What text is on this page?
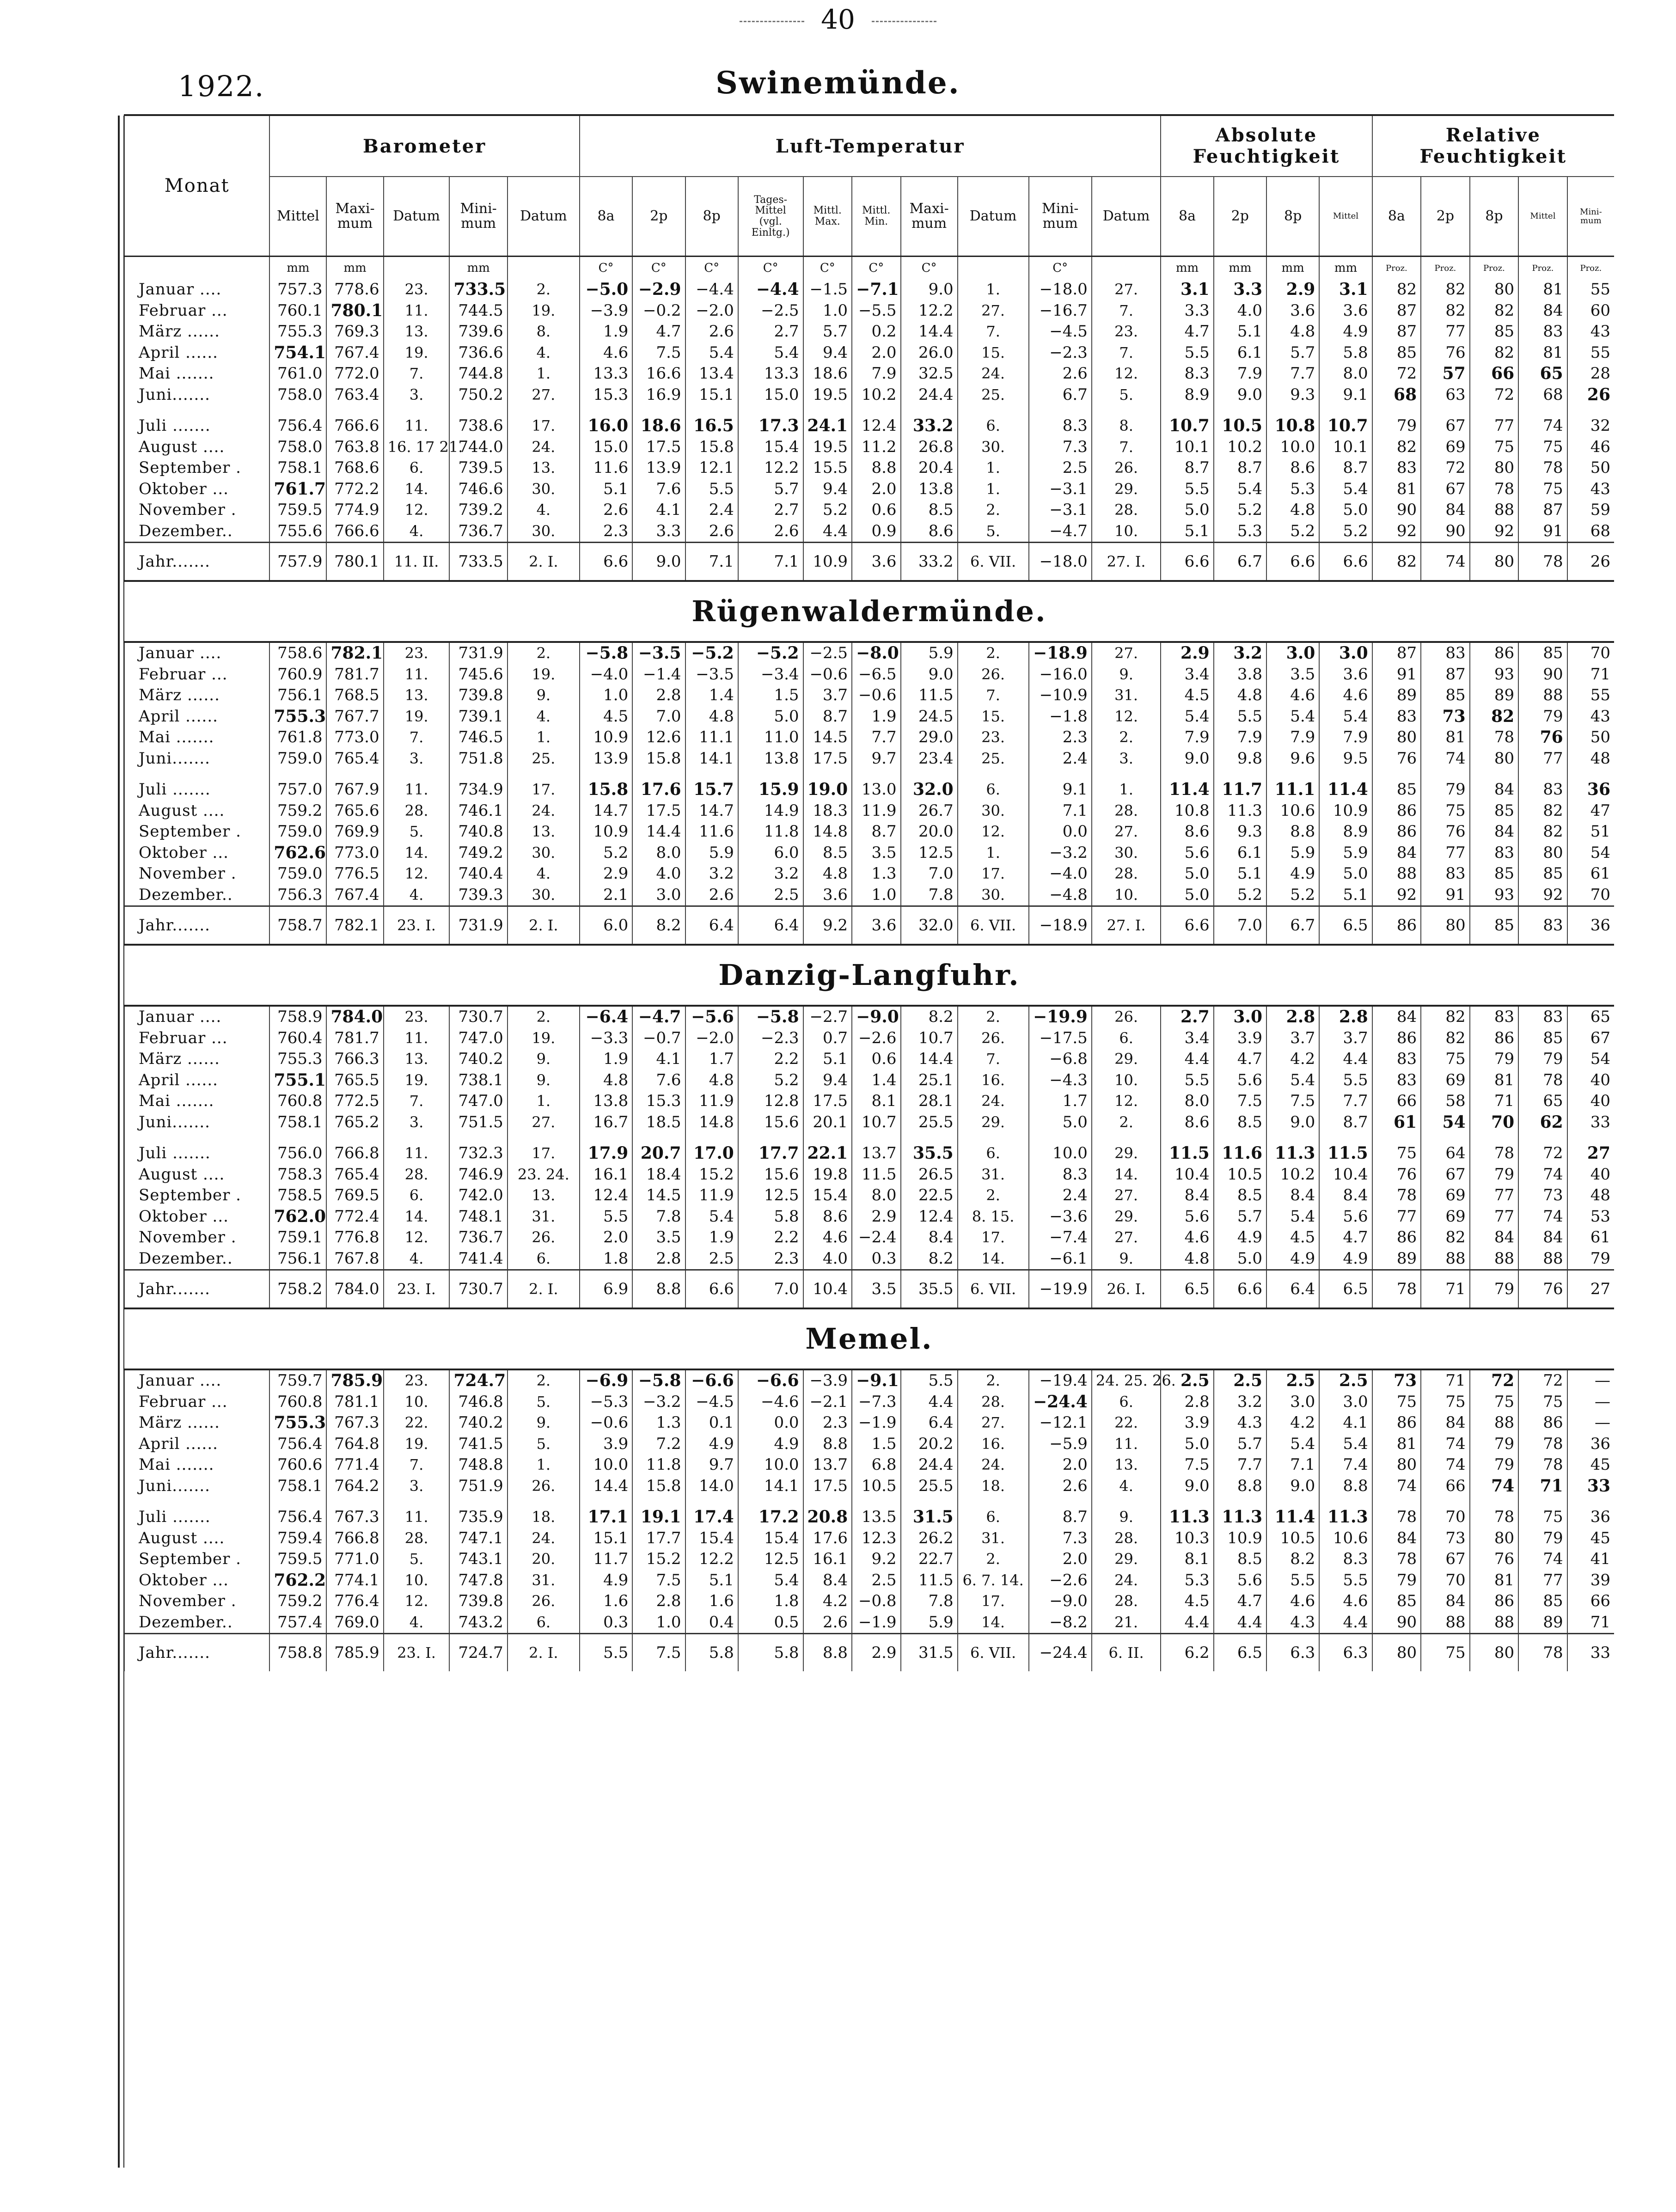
40
1922.	Swinemünde.
Monat	Barometer					Luft-Temperatur										Absolute Feuchtigkeit				Relative Feuchtigkeit				
	Mittel	Maxi-mum	Datum	Mini-mum	Datum	8a	2p	8p	Tages-Mittel (vgl. Einltg.)	Mittl. Max.	Mittl. Min.	Maxi-mum	Datum	Mini-mum	Datum	8a	2p	8p	Mittel	8a	2p	8p	Mittel	Mini-mum
	mm	mm		mm		C°	C°	C°	C°	C°	C°	C°		C°		mm	mm	mm	mm	Proz.	Proz.	Proz.	Proz.	Proz.
Januar ....	757.3	778.6	23.	733.5	2.	−5.0	−2.9	−4.4	−4.4	−1.5	−7.1	9.0	1.	−18.0	27.	3.1	3.3	2.9	3.1	82	82	80	81	55
Februar ...	760.1	780.1	11.	744.5	19.	−3.9	−0.2	−2.0	−2.5	1.0	−5.5	12.2	27.	−16.7	7.	3.3	4.0	3.6	3.6	87	82	82	84	60
März ......	755.3	769.3	13.	739.6	8.	1.9	4.7	2.6	2.7	5.7	0.2	14.4	7.	−4.5	23.	4.7	5.1	4.8	4.9	87	77	85	83	43
April ......	754.1	767.4	19.	736.6	4.	4.6	7.5	5.4	5.4	9.4	2.0	26.0	15.	−2.3	7.	5.5	6.1	5.7	5.8	85	76	82	81	55
Mai .......	761.0	772.0	7.	744.8	1.	13.3	16.6	13.4	13.3	18.6	7.9	32.5	24.	2.6	12.	8.3	7.9	7.7	8.0	72	57	66	65	28
Juni.......	758.0	763.4	3.	750.2	27.	15.3	16.9	15.1	15.0	19.5	10.2	24.4	25.	6.7	5.	8.9	9.0	9.3	9.1	68	63	72	68	26

Juli .......	756.4	766.6	11.	738.6	17.	16.0	18.6	16.5	17.3	24.1	12.4	33.2	6.	8.3	8.	10.7	10.5	10.8	10.7	79	67	77	74	32
August ....	758.0	763.8	16. 17 21.	744.0	24.	15.0	17.5	15.8	15.4	19.5	11.2	26.8	30.	7.3	7.	10.1	10.2	10.0	10.1	82	69	75	75	46
September .	758.1	768.6	6.	739.5	13.	11.6	13.9	12.1	12.2	15.5	8.8	20.4	1.	2.5	26.	8.7	8.7	8.6	8.7	83	72	80	78	50
Oktober ...	761.7	772.2	14.	746.6	30.	5.1	7.6	5.5	5.7	9.4	2.0	13.8	1.	−3.1	29.	5.5	5.4	5.3	5.4	81	67	78	75	43
November .	759.5	774.9	12.	739.2	4.	2.6	4.1	2.4	2.7	5.2	0.6	8.5	2.	−3.1	28.	5.0	5.2	4.8	5.0	90	84	88	87	59
Dezember..	755.6	766.6	4.	736.7	30.	2.3	3.3	2.6	2.6	4.4	0.9	8.6	5.	−4.7	10.	5.1	5.3	5.2	5.2	92	90	92	91	68
Jahr.......	757.9	780.1	11. II.	733.5	2. I.	6.6	9.0	7.1	7.1	10.9	3.6	33.2	6. VII.	−18.0	27. I.	6.6	6.7	6.6	6.6	82	74	80	78	26
Rügenwaldermünde.																								
Januar ....	758.6	782.1	23.	731.9	2.	−5.8	−3.5	−5.2	−5.2	−2.5	−8.0	5.9	2.	−18.9	27.	2.9	3.2	3.0	3.0	87	83	86	85	70
Februar ...	760.9	781.7	11.	745.6	19.	−4.0	−1.4	−3.5	−3.4	−0.6	−6.5	9.0	26.	−16.0	9.	3.4	3.8	3.5	3.6	91	87	93	90	71
März ......	756.1	768.5	13.	739.8	9.	1.0	2.8	1.4	1.5	3.7	−0.6	11.5	7.	−10.9	31.	4.5	4.8	4.6	4.6	89	85	89	88	55
April ......	755.3	767.7	19.	739.1	4.	4.5	7.0	4.8	5.0	8.7	1.9	24.5	15.	−1.8	12.	5.4	5.5	5.4	5.4	83	73	82	79	43
Mai .......	761.8	773.0	7.	746.5	1.	10.9	12.6	11.1	11.0	14.5	7.7	29.0	23.	2.3	2.	7.9	7.9	7.9	7.9	80	81	78	76	50
Juni.......	759.0	765.4	3.	751.8	25.	13.9	15.8	14.1	13.8	17.5	9.7	23.4	25.	2.4	3.	9.0	9.8	9.6	9.5	76	74	80	77	48

Juli .......	757.0	767.9	11.	734.9	17.	15.8	17.6	15.7	15.9	19.0	13.0	32.0	6.	9.1	1.	11.4	11.7	11.1	11.4	85	79	84	83	36
August ....	759.2	765.6	28.	746.1	24.	14.7	17.5	14.7	14.9	18.3	11.9	26.7	30.	7.1	28.	10.8	11.3	10.6	10.9	86	75	85	82	47
September .	759.0	769.9	5.	740.8	13.	10.9	14.4	11.6	11.8	14.8	8.7	20.0	12.	0.0	27.	8.6	9.3	8.8	8.9	86	76	84	82	51
Oktober ...	762.6	773.0	14.	749.2	30.	5.2	8.0	5.9	6.0	8.5	3.5	12.5	1.	−3.2	30.	5.6	6.1	5.9	5.9	84	77	83	80	54
November .	759.0	776.5	12.	740.4	4.	2.9	4.0	3.2	3.2	4.8	1.3	7.0	17.	−4.0	28.	5.0	5.1	4.9	5.0	88	83	85	85	61
Dezember..	756.3	767.4	4.	739.3	30.	2.1	3.0	2.6	2.5	3.6	1.0	7.8	30.	−4.8	10.	5.0	5.2	5.2	5.1	92	91	93	92	70
Jahr.......	758.7	782.1	23. I.	731.9	2. I.	6.0	8.2	6.4	6.4	9.2	3.6	32.0	6. VII.	−18.9	27. I.	6.6	7.0	6.7	6.5	86	80	85	83	36
Danzig-Langfuhr.																								
Januar ....	758.9	784.0	23.	730.7	2.	−6.4	−4.7	−5.6	−5.8	−2.7	−9.0	8.2	2.	−19.9	26.	2.7	3.0	2.8	2.8	84	82	83	83	65
Februar ...	760.4	781.7	11.	747.0	19.	−3.3	−0.7	−2.0	−2.3	0.7	−2.6	10.7	26.	−17.5	6.	3.4	3.9	3.7	3.7	86	82	86	85	67
März ......	755.3	766.3	13.	740.2	9.	1.9	4.1	1.7	2.2	5.1	0.6	14.4	7.	−6.8	29.	4.4	4.7	4.2	4.4	83	75	79	79	54
April ......	755.1	765.5	19.	738.1	9.	4.8	7.6	4.8	5.2	9.4	1.4	25.1	16.	−4.3	10.	5.5	5.6	5.4	5.5	83	69	81	78	40
Mai .......	760.8	772.5	7.	747.0	1.	13.8	15.3	11.9	12.8	17.5	8.1	28.1	24.	1.7	12.	8.0	7.5	7.5	7.7	66	58	71	65	40
Juni.......	758.1	765.2	3.	751.5	27.	16.7	18.5	14.8	15.6	20.1	10.7	25.5	29.	5.0	2.	8.6	8.5	9.0	8.7	61	54	70	62	33

Juli .......	756.0	766.8	11.	732.3	17.	17.9	20.7	17.0	17.7	22.1	13.7	35.5	6.	10.0	29.	11.5	11.6	11.3	11.5	75	64	78	72	27
August ....	758.3	765.4	28.	746.9	23. 24.	16.1	18.4	15.2	15.6	19.8	11.5	26.5	31.	8.3	14.	10.4	10.5	10.2	10.4	76	67	79	74	40
September .	758.5	769.5	6.	742.0	13.	12.4	14.5	11.9	12.5	15.4	8.0	22.5	2.	2.4	27.	8.4	8.5	8.4	8.4	78	69	77	73	48
Oktober ...	762.0	772.4	14.	748.1	31.	5.5	7.8	5.4	5.8	8.6	2.9	12.4	8. 15.	−3.6	29.	5.6	5.7	5.4	5.6	77	69	77	74	53
November .	759.1	776.8	12.	736.7	26.	2.0	3.5	1.9	2.2	4.6	−2.4	8.4	17.	−7.4	27.	4.6	4.9	4.5	4.7	86	82	84	84	61
Dezember..	756.1	767.8	4.	741.4	6.	1.8	2.8	2.5	2.3	4.0	0.3	8.2	14.	−6.1	9.	4.8	5.0	4.9	4.9	89	88	88	88	79
Jahr.......	758.2	784.0	23. I.	730.7	2. I.	6.9	8.8	6.6	7.0	10.4	3.5	35.5	6. VII.	−19.9	26. I.	6.5	6.6	6.4	6.5	78	71	79	76	27
Memel.																								
Januar ....	759.7	785.9	23.	724.7	2.	−6.9	−5.8	−6.6	−6.6	−3.9	−9.1	5.5	2.	−19.4	24. 25. 26.	2.5	2.5	2.5	2.5	73	71	72	72	—
Februar ...	760.8	781.1	10.	746.8	5.	−5.3	−3.2	−4.5	−4.6	−2.1	−7.3	4.4	28.	−24.4	6.	2.8	3.2	3.0	3.0	75	75	75	75	—
März ......	755.3	767.3	22.	740.2	9.	−0.6	1.3	0.1	0.0	2.3	−1.9	6.4	27.	−12.1	22.	3.9	4.3	4.2	4.1	86	84	88	86	—
April ......	756.4	764.8	19.	741.5	5.	3.9	7.2	4.9	4.9	8.8	1.5	20.2	16.	−5.9	11.	5.0	5.7	5.4	5.4	81	74	79	78	36
Mai .......	760.6	771.4	7.	748.8	1.	10.0	11.8	9.7	10.0	13.7	6.8	24.4	24.	2.0	13.	7.5	7.7	7.1	7.4	80	74	79	78	45
Juni.......	758.1	764.2	3.	751.9	26.	14.4	15.8	14.0	14.1	17.5	10.5	25.5	18.	2.6	4.	9.0	8.8	9.0	8.8	74	66	74	71	33

Juli .......	756.4	767.3	11.	735.9	18.	17.1	19.1	17.4	17.2	20.8	13.5	31.5	6.	8.7	9.	11.3	11.3	11.4	11.3	78	70	78	75	36
August ....	759.4	766.8	28.	747.1	24.	15.1	17.7	15.4	15.4	17.6	12.3	26.2	31.	7.3	28.	10.3	10.9	10.5	10.6	84	73	80	79	45
September .	759.5	771.0	5.	743.1	20.	11.7	15.2	12.2	12.5	16.1	9.2	22.7	2.	2.0	29.	8.1	8.5	8.2	8.3	78	67	76	74	41
Oktober ...	762.2	774.1	10.	747.8	31.	4.9	7.5	5.1	5.4	8.4	2.5	11.5	6. 7. 14.	−2.6	24.	5.3	5.6	5.5	5.5	79	70	81	77	39
November .	759.2	776.4	12.	739.8	26.	1.6	2.8	1.6	1.8	4.2	−0.8	7.8	17.	−9.0	28.	4.5	4.7	4.6	4.6	85	84	86	85	66
Dezember..	757.4	769.0	4.	743.2	6.	0.3	1.0	0.4	0.5	2.6	−1.9	5.9	14.	−8.2	21.	4.4	4.4	4.3	4.4	90	88	88	89	71
Jahr.......	758.8	785.9	23. I.	724.7	2. I.	5.5	7.5	5.8	5.8	8.8	2.9	31.5	6. VII.	−24.4	6. II.	6.2	6.5	6.3	6.3	80	75	80	78	33
